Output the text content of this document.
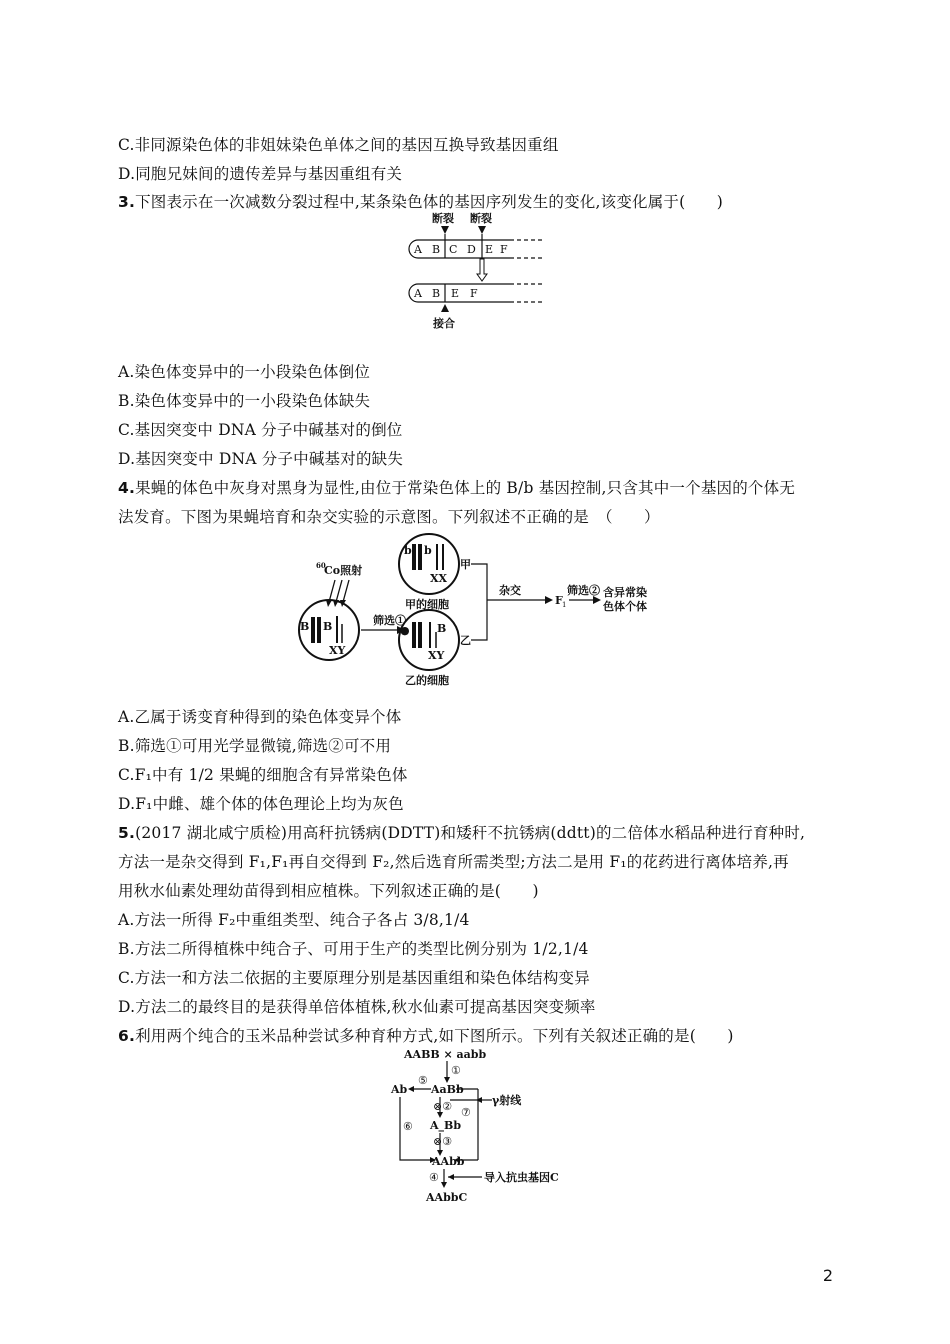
C.非同源染色体的非姐妹染色单体之间的基因互换导致基因重组
D.同胞兄妹间的遗传差异与基因重组有关
3.下图表示在一次减数分裂过程中,某条染色体的基因序列发生的变化,该变化属于(　　)
断裂 断裂
A B C D E F
A B E F
接合
A.染色体变异中的一小段染色体倒位
B.染色体变异中的一小段染色体缺失
C.基因突变中 DNA 分子中碱基对的倒位
D.基因突变中 DNA 分子中碱基对的缺失
4.果蝇的体色中灰身对黑身为显性,由位于常染色体上的 B/b 基因控制,只含其中一个基因的个体无
法发育。下图为果蝇培育和杂交实验的示意图。下列叙述不正确的是　（　　）
60
Co照射
B B
XY
筛选①
b b
XX
甲
甲的细胞
● B
XY
乙
乙的细胞
杂交
F 1
筛选② 含异常染
色体个体
A.乙属于诱变育种得到的染色体变异个体
B.筛选①可用光学显微镜,筛选②可不用
C.F₁中有 1/2 果蝇的细胞含有异常染色体
D.F₁中雌、雄个体的体色理论上均为灰色
5.(2017 湖北咸宁质检)用高秆抗锈病(DDTT)和矮秆不抗锈病(ddtt)的二倍体水稻品种进行育种时,
方法一是杂交得到 F₁,F₁再自交得到 F₂,然后选育所需类型;方法二是用 F₁的花药进行离体培养,再
用秋水仙素处理幼苗得到相应植株。下列叙述正确的是(　　)
A.方法一所得 F₂中重组类型、纯合子各占 3/8,1/4
B.方法二所得植株中纯合子、可用于生产的类型比例分别为 1/2,1/4
C.方法一和方法二依据的主要原理分别是基因重组和染色体结构变异
D.方法二的最终目的是获得单倍体植株,秋水仙素可提高基因突变频率
6.利用两个纯合的玉米品种尝试多种育种方式,如下图所示。下列有关叙述正确的是(　　)
AABB × aabb
①
AaBb
⑤
Ab
⑥
⊗②	γ射线
⑦
A_Bb
⊗③
AAbb
④	导入抗虫基因C
AAbbC
2
